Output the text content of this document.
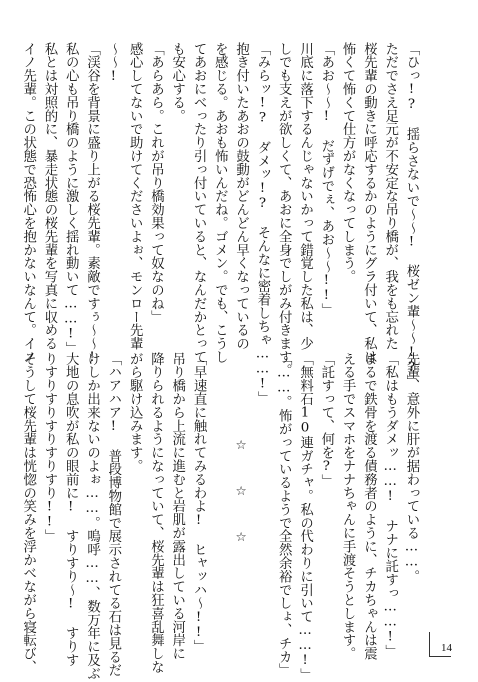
「ひっ!? 揺らさないで〜〜! 桜ゼン輩〜〜!?」
ただでさえ足元が不安定な吊り橋が、我をも忘れた
桜先輩の動きに呼応するかのようにグラ付いて、私は
怖くて怖くて仕方がなくなってしまう。
「あお〜〜! だずげでぇ、あお〜〜!!」
川底に落下するんじゃないかって錯覚した私は、少
しでも支えが欲しくて、あおに全身でしがみ付きます。
「みらッ!? ダメッ!? そんなに密着しちゃ……!」
抱き付いたあおの鼓動がどんどん早くなっているの
を感じる。あおも怖いんだね。ゴメン。でも、こうし
てあおにべったり引っ付いていると、なんだかとって
も安心する。
「あらあら。これが吊り橋効果って奴なのね」
感心してないで助けてくださいよぉ、モンロー先輩
〜〜!
「渓谷を背景に盛り上がる桜先輩。素敵ですぅ〜〜!
私の心も吊り橋のように激しく揺れ動いて……!」
私とは対照的に、暴走状態の桜先輩を写真に収める
イノ先輩。この状態で恐怖心を抱かないなんて。イノ
先輩、意外に肝が据わっている……。
「私はもうダメッ……! ナナに託すっ……!」
まるで鉄骨を渡る債務者のように、チカちゃんは震
える手でスマホをナナちゃんに手渡そうとします。
「託すって、何を?」
「無料石10連ガチャ。私の代わりに引いて……!」
「……。怖がっているようで全然余裕でしょ、チカ」
☆ ☆ ☆
「早速直に触れてみるわよ! ヒャッハ〜!!」
吊り橋から上流に進むと岩肌が露出している河岸に
降りられるようになっていて、桜先輩は狂喜乱舞しな
がら駆け込みます。
「ハアハア! 普段博物館で展示されてる石は見るだ
けしか出来ないのよぉ……。嗚呼……、数万年に及ぶ
大地の息吹が私の眼前に! すりすり〜! すりす
りすりすりすりすりすり!!」
そうして桜先輩は恍惚の笑みを浮かべながら寝転び、	14
